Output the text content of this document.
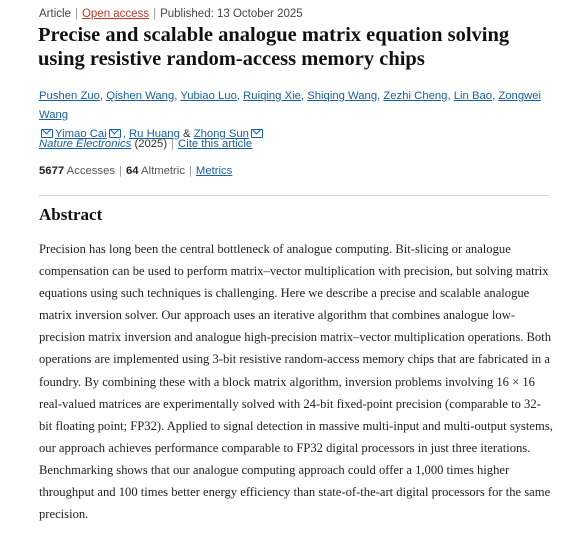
Article | Open access | Published: 13 October 2025
Precise and scalable analogue matrix equation solving using resistive random-access memory chips
Pushen Zuo, Qishen Wang, Yubiao Luo, Ruiqing Xie, Shiqing Wang, Zezhi Cheng, Lin Bao, Zongwei Wang
Yimao Cai , Ru Huang & Zhong Sun
Nature Electronics (2025) | Cite this article
5677 Accesses | 64 Altmetric | Metrics
Abstract

Precision has long been the central bottleneck of analogue computing. Bit-slicing or analogue compensation can be used to perform matrix–vector multiplication with precision, but solving matrix equations using such techniques is challenging. Here we describe a precise and scalable analogue matrix inversion solver. Our approach uses an iterative algorithm that combines analogue low-precision matrix inversion and analogue high-precision matrix–vector multiplication operations. Both operations are implemented using 3-bit resistive random-access memory chips that are fabricated in a foundry. By combining these with a block matrix algorithm, inversion problems involving 16 × 16 real-valued matrices are experimentally solved with 24-bit fixed-point precision (comparable to 32-bit floating point; FP32). Applied to signal detection in massive multi-input and multi-output systems, our approach achieves performance comparable to FP32 digital processors in just three iterations. Benchmarking shows that our analogue computing approach could offer a 1,000 times higher throughput and 100 times better energy efficiency than state-of-the-art digital processors for the same precision.
